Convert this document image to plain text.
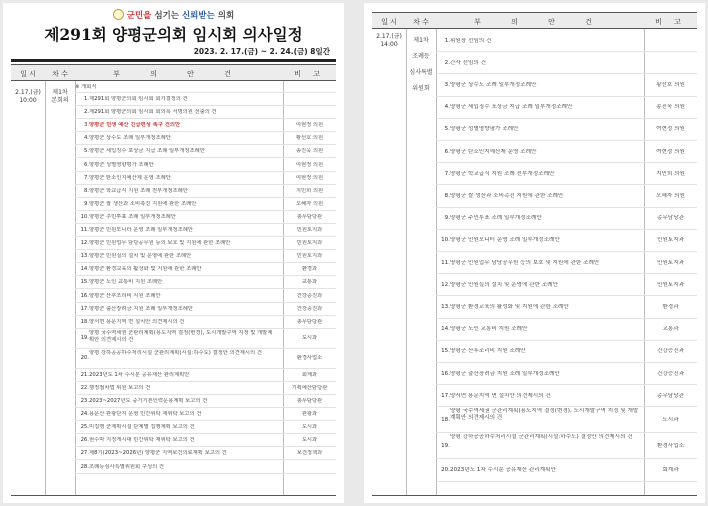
군민을 섬기는 신뢰받는 의회
제291회 양평군의회 임시회 의사일정
2023. 2. 17.(금) ~ 2. 24.(금) 8일간
일 시	차 수	부 의 안 건	비 고
2.17.(금)
10:00
제1차
본회의
※ 개회식
1. 제291회 양평군의회 임시회 회기결정의 건
2. 제291회 양평군의회 임시회 회의록 서명의원 선출의 건
3. 양평군 민생 예산 긴급편성 촉구 건의안	여현정 의원
4. 양평군 상수도 조례 일부개정조례안	황선호 의원
5. 양평군 세입징수 포상금 지급 조례 일부개정조례안	송진욱 의원
6. 양평군 성별영향평가 조례안	여현정 의원
7. 양평군 탄소인지예산제 운영 조례안	여현정 의원
8. 양평군 학교급식 지원 조례 전부개정조례안	지민희 의원
9. 양평군 쌀 생산과 소비촉진 지원에 관한 조례안	오혜자 의원
10. 양평군 주민투표 조례 일부개정조례안	총무담당관
11. 양평군 민원모니터 운영 조례 일부개정조례안	민원토지과
12. 양평군 민원업무 담당공무원 등의 보호 및 지원에 관한 조례안	민원토지과
13. 양평군 민원실의 설치 및 운영에 관한 조례안	민원토지과
14. 양평군 환경교육의 활성화 및 지원에 관한 조례안	환경과
15. 양평군 노인 교통비 지원 조례안	교통과
16. 양평군 산후조리비 지원 조례안	건강증진과
17. 양평군 출산장려금 지원 조례 일부개정조례안	건강증진과
18. 양서면 용문지역 면 설치안 의견제시의 건	총무담당관
19.
양평 국수역세권 군관리계획(용도지역 결정(변경), 도시개발구역 지정 및 개발계획안 의견제시의 건	도시과
20.
양평 강하공공하수처리시설 군관리계획(시설:하수도) 결정안 의견제시의 건
환경사업소
21. 2023년도 1차 수시분 공유재산 관리계획안	회계과
22. 행정절차법 위원 보고의 건	기획예산담당관
23. 2023~2027년도 중기기본인력운용계획 보고의 건	총무담당관
24. 용문산 관광단지 운영 민간위탁 재위탁 보고의 건	관광과
25. 미집행 군계획시설 단계별 집행계획 보고의 건	도시과
26. 현수막 지정게시대 민간위탁 재위탁 보고의 건	도시과
27. 제8기(2023~2026년) 양평군 지역보건의료계획 보고의 건	보건정책과
28. 조례등심사특별위원회 구성의 건
일 시	차 수	부 의 안 건	비 고
2.17.(금)
14:00
제1차
조례등
심사특별
위원회
1. 위원장 선임의 건
2. 간사 선임의 건
3. 양평군 상수도 조례 일부개정조례안	황선호 의원
4. 양평군 세입징수 포상금 지급 조례 일부개정조례안	송진욱 의원
5. 양평군 성별영향평가 조례안	여현정 의원
6. 양평군 탄소인지예산제 운영 조례안	여현정 의원
7. 양평군 학교급식 지원 조례 전부개정조례안	지민희 의원
8. 양평군 쌀 생산과 소비촉진 지원에 관한 조례안	오혜자 의원
9. 양평군 주민투표 조례 일부개정조례안	총무담당관
10. 양평군 민원모니터 운영 조례 일부개정조례안	민원토지과
11. 양평군 민원업무 담당공무원 등의 보호 및 지원에 관한 조례안	민원토지과
12. 양평군 민원실의 설치 및 운영에 관한 조례안	민원토지과
13. 양평군 환경교육의 활성화 및 지원에 관한 조례안	환경과
14. 양평군 노인 교통비 지원 조례안	교통과
15. 양평군 산후조리비 지원 조례안	건강증진과
16. 양평군 출산장려금 지원 조례 일부개정조례안	건강증진과
17. 양서면 용문지역 면 설치안 의견제시의 건	총무담당관
18.
양평 국수역세권 군관리계획(용도지역 결정(변경), 도시개발구역 지정 및 개발계획안 의견제시의 건	도시과
19.
양평 강하공공하수처리시설 군관리계획(시설:하수도) 결정안 의견제시의 건
환경사업소
20. 2023년도 1차 수시분 공유재산 관리계획안	회계과
